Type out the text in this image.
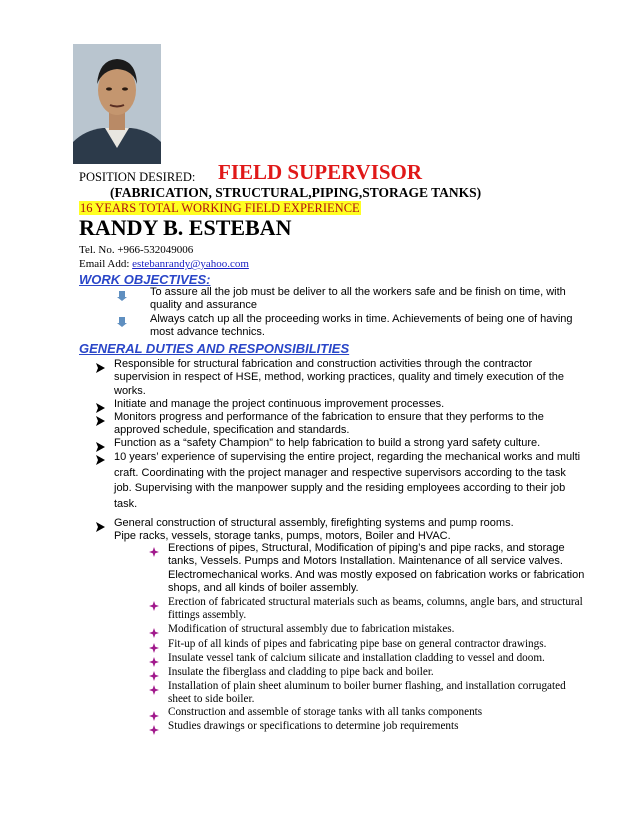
POSITION DESIRED: FIELD SUPERVISOR
(FABRICATION, STRUCTURAL,PIPING,STORAGE TANKS)
16 YEARS TOTAL WORKING FIELD EXPERIENCE
RANDY B. ESTEBAN
Tel. No. +966-532049006
Email Add: estebanrandy@yahoo.com
WORK OBJECTIVES:
To assure all the job must be deliver to all the workers safe and be finish on time, with quality and assurance
Always catch up all the proceeding works in time. Achievements of being one of having most advance technics.
GENERAL DUTIES AND RESPONSIBILITIES
Responsible for structural fabrication and construction activities through the contractor supervision in respect of HSE, method, working practices, quality and timely execution of the works.
Initiate and manage the project continuous improvement processes.
Monitors progress and performance of the fabrication to ensure that they performs to the approved schedule, specification and standards.
Function as a “safety Champion” to help fabrication to build a strong yard safety culture.
10 years’ experience of supervising the entire project, regarding the mechanical works and multi craft. Coordinating with the project manager and respective supervisors according to the task job. Supervising with the manpower supply and the residing employees according to their job task.
General construction of structural assembly, firefighting systems and pump rooms. Pipe racks, vessels, storage tanks, pumps, motors, Boiler and HVAC.
Erections of pipes, Structural, Modification of piping’s and pipe racks, and storage tanks, Vessels. Pumps and Motors Installation. Maintenance of all service valves. Electromechanical works. And was mostly exposed on fabrication works or fabrication shops, and all kinds of boiler assembly.
Erection of fabricated structural materials such as beams, columns, angle bars, and structural fittings assembly.
Modification of structural assembly due to fabrication mistakes.
Fit-up of all kinds of pipes and fabricating pipe base on general contractor drawings.
Insulate vessel tank of calcium silicate and installation cladding to vessel and doom.
Insulate the fiberglass and cladding to pipe back and boiler.
Installation of plain sheet aluminum to boiler burner flashing, and installation corrugated sheet to side boiler.
Construction and assemble of storage tanks with all tanks components
Studies drawings or specifications to determine job requirements
